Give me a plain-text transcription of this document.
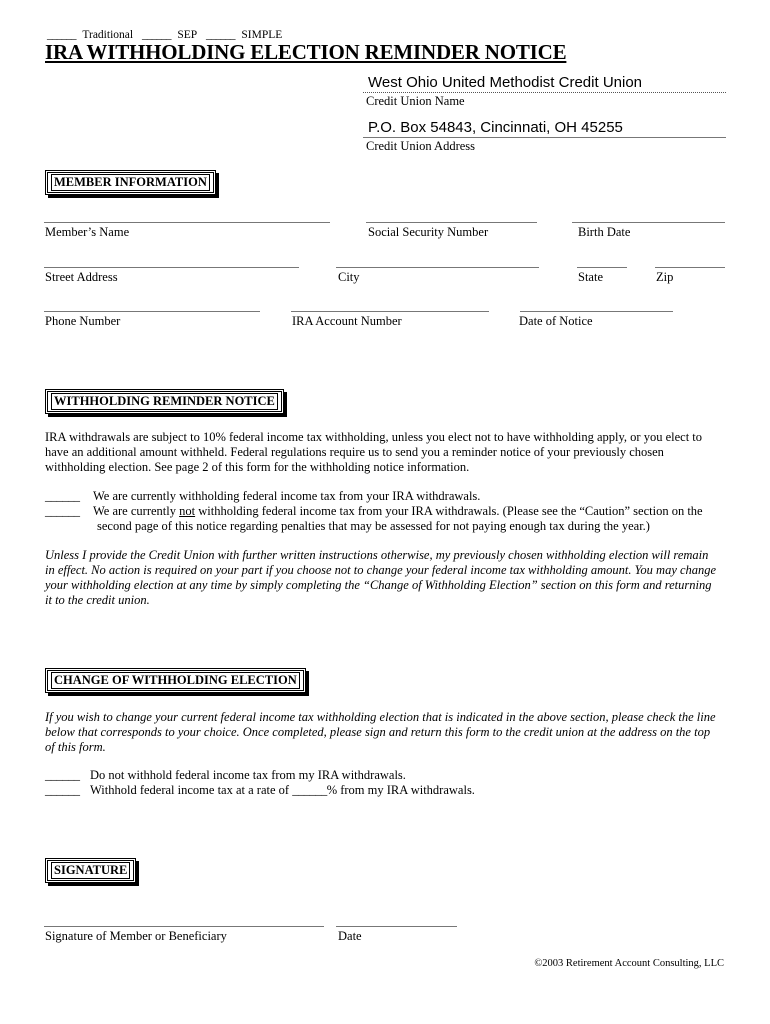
______ Traditional ______ SEP ______ SIMPLE
IRA WITHHOLDING ELECTION REMINDER NOTICE
West Ohio United Methodist Credit Union
Credit Union Name
P.O. Box 54843, Cincinnati, OH 45255
Credit Union Address
MEMBER INFORMATION
Member’s Name	Social Security Number	Birth Date
Street Address	City	State	Zip
Phone Number	IRA Account Number	Date of Notice
WITHHOLDING REMINDER NOTICE
IRA withdrawals are subject to 10% federal income tax withholding, unless you elect not to have withholding apply, or you elect to
have an additional amount withheld. Federal regulations require us to send you a reminder notice of your previously chosen
withholding election. See page 2 of this form for the withholding notice information.
______ We are currently withholding federal income tax from your IRA withdrawals.
______ We are currently not withholding federal income tax from your IRA withdrawals. (Please see the “Caution” section on the
second page of this notice regarding penalties that may be assessed for not paying enough tax during the year.)
Unless I provide the Credit Union with further written instructions otherwise, my previously chosen withholding election will remain
in effect. No action is required on your part if you choose not to change your federal income tax withholding amount. You may change
your withholding election at any time by simply completing the “Change of Withholding Election” section on this form and returning
it to the credit union.
CHANGE OF WITHHOLDING ELECTION
If you wish to change your current federal income tax withholding election that is indicated in the above section, please check the line
below that corresponds to your choice. Once completed, please sign and return this form to the credit union at the address on the top
of this form.
______ Do not withhold federal income tax from my IRA withdrawals.
______ Withhold federal income tax at a rate of ______% from my IRA withdrawals.
SIGNATURE
Signature of Member or Beneficiary	Date
©2003 Retirement Account Consulting, LLC
